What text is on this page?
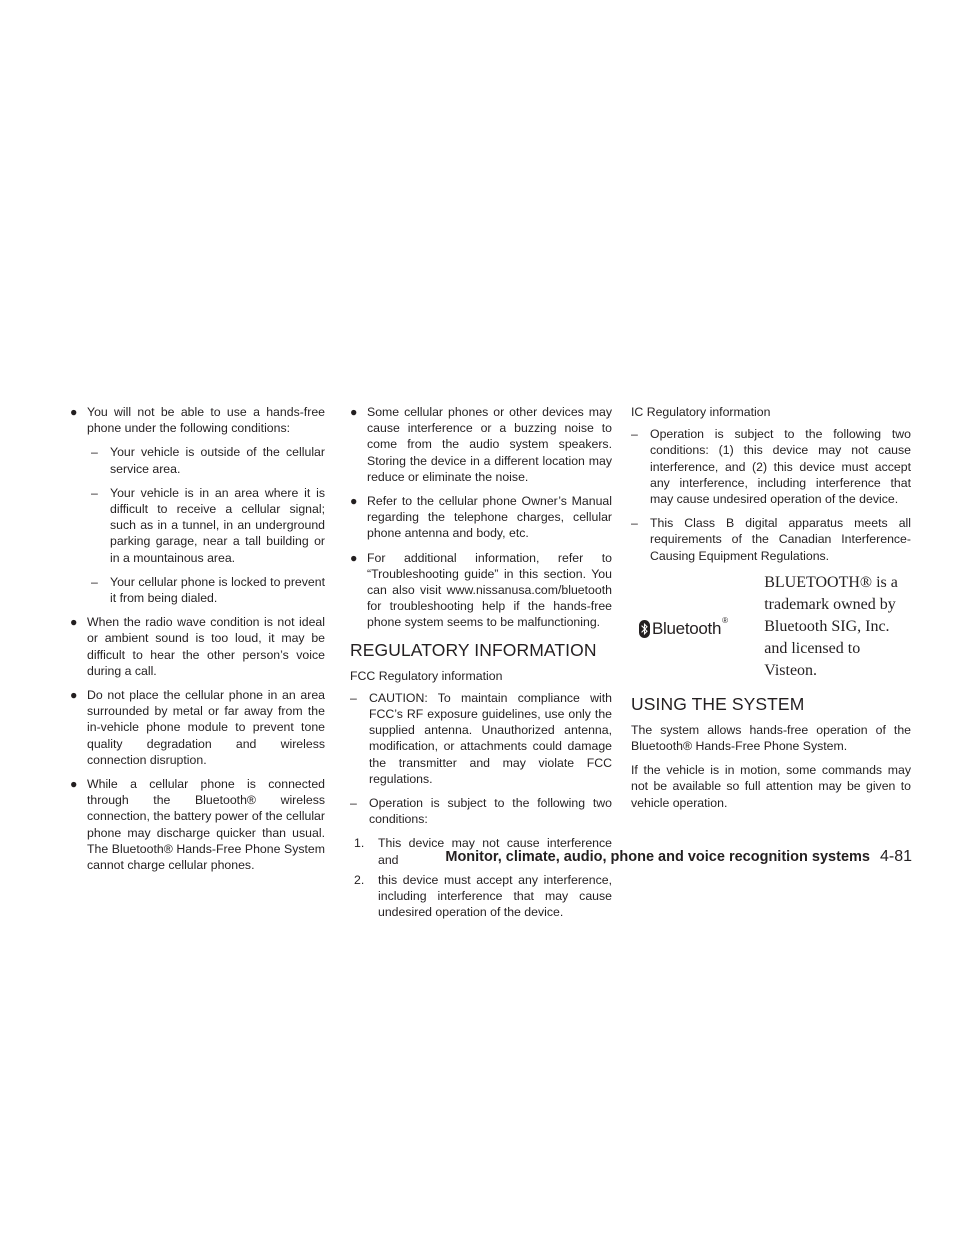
● You will not be able to use a hands-free phone under the following conditions:
– Your vehicle is outside of the cellular service area.
– Your vehicle is in an area where it is difficult to receive a cellular signal; such as in a tunnel, in an underground parking garage, near a tall building or in a mountainous area.
– Your cellular phone is locked to prevent it from being dialed.
● When the radio wave condition is not ideal or ambient sound is too loud, it may be difficult to hear the other person’s voice during a call.
● Do not place the cellular phone in an area surrounded by metal or far away from the in-vehicle phone module to prevent tone quality degradation and wireless connection disruption.
● While a cellular phone is connected through the Bluetooth® wireless connection, the battery power of the cellular phone may discharge quicker than usual. The Bluetooth® Hands-Free Phone System cannot charge cellular phones.
● Some cellular phones or other devices may cause interference or a buzzing noise to come from the audio system speakers. Storing the device in a different location may reduce or eliminate the noise.
● Refer to the cellular phone Owner’s Manual regarding the telephone charges, cellular phone antenna and body, etc.
● For additional information, refer to “Troubleshooting guide” in this section. You can also visit www.nissanusa.com/bluetooth for troubleshooting help if the hands-free phone system seems to be malfunctioning.
REGULATORY INFORMATION
FCC Regulatory information
– CAUTION: To maintain compliance with FCC’s RF exposure guidelines, use only the supplied antenna. Unauthorized antenna, modification, or attachments could damage the transmitter and may violate FCC regulations.
– Operation is subject to the following two conditions:
1. This device may not cause interference and
2. this device must accept any interference, including interference that may cause undesired operation of the device.
IC Regulatory information
– Operation is subject to the following two conditions: (1) this device may not cause interference, and (2) this device must accept any interference, including interference that may cause undesired operation of the device.
– This Class B digital apparatus meets all requirements of the Canadian Interference-Causing Equipment Regulations.
Bluetooth ®
BLUETOOTH® is a trademark owned by Bluetooth SIG, Inc. and licensed to Visteon.
USING THE SYSTEM
The system allows hands-free operation of the Bluetooth® Hands-Free Phone System.
If the vehicle is in motion, some commands may not be available so full attention may be given to vehicle operation.
Monitor, climate, audio, phone and voice recognition systems 4-81
